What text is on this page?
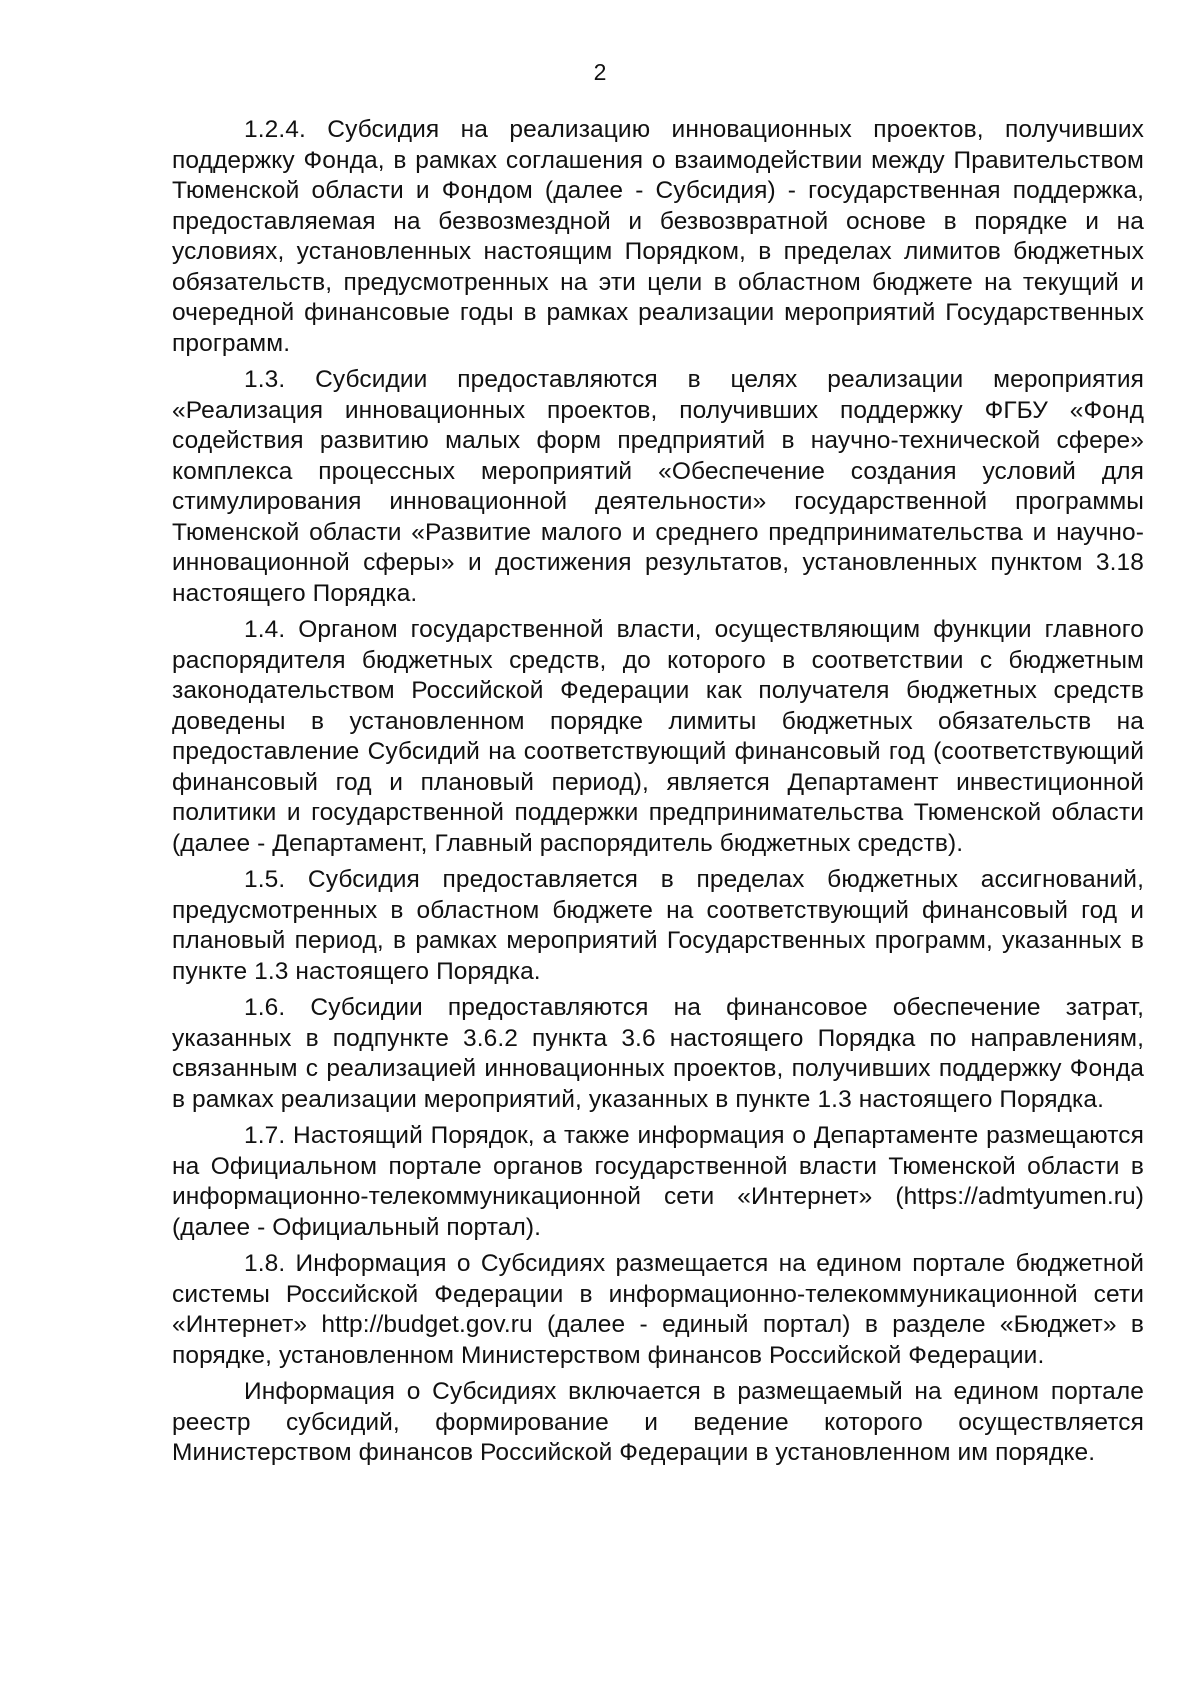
2

1.2.4. Субсидия на реализацию инновационных проектов, получивших поддержку Фонда, в рамках соглашения о взаимодействии между Правительством Тюменской области и Фондом (далее - Субсидия) - государственная поддержка, предоставляемая на безвозмездной и безвозвратной основе в порядке и на условиях, установленных настоящим Порядком, в пределах лимитов бюджетных обязательств, предусмотренных на эти цели в областном бюджете на текущий и очередной финансовые годы в рамках реализации мероприятий Государственных программ.

1.3. Субсидии предоставляются в целях реализации мероприятия «Реализация инновационных проектов, получивших поддержку ФГБУ «Фонд содействия развитию малых форм предприятий в научно-технической сфере» комплекса процессных мероприятий «Обеспечение создания условий для стимулирования инновационной деятельности» государственной программы Тюменской области «Развитие малого и среднего предпринимательства и научно-инновационной сферы» и достижения результатов, установленных пунктом 3.18 настоящего Порядка.

1.4. Органом государственной власти, осуществляющим функции главного распорядителя бюджетных средств, до которого в соответствии с бюджетным законодательством Российской Федерации как получателя бюджетных средств доведены в установленном порядке лимиты бюджетных обязательств на предоставление Субсидий на соответствующий финансовый год (соответствующий финансовый год и плановый период), является Департамент инвестиционной политики и государственной поддержки предпринимательства Тюменской области (далее - Департамент, Главный распорядитель бюджетных средств).

1.5. Субсидия предоставляется в пределах бюджетных ассигнований, предусмотренных в областном бюджете на соответствующий финансовый год и плановый период, в рамках мероприятий Государственных программ, указанных в пункте 1.3 настоящего Порядка.

1.6. Субсидии предоставляются на финансовое обеспечение затрат, указанных в подпункте 3.6.2 пункта 3.6 настоящего Порядка по направлениям, связанным с реализацией инновационных проектов, получивших поддержку Фонда в рамках реализации мероприятий, указанных в пункте 1.3 настоящего Порядка.

1.7. Настоящий Порядок, а также информация о Департаменте размещаются на Официальном портале органов государственной власти Тюменской области в информационно-телекоммуникационной сети «Интернет» (https://admtyumen.ru) (далее - Официальный портал).

1.8. Информация о Субсидиях размещается на едином портале бюджетной системы Российской Федерации в информационно-телекоммуникационной сети «Интернет» http://budget.gov.ru (далее - единый портал) в разделе «Бюджет» в порядке, установленном Министерством финансов Российской Федерации.

Информация о Субсидиях включается в размещаемый на едином портале реестр субсидий, формирование и ведение которого осуществляется Министерством финансов Российской Федерации в установленном им порядке.
